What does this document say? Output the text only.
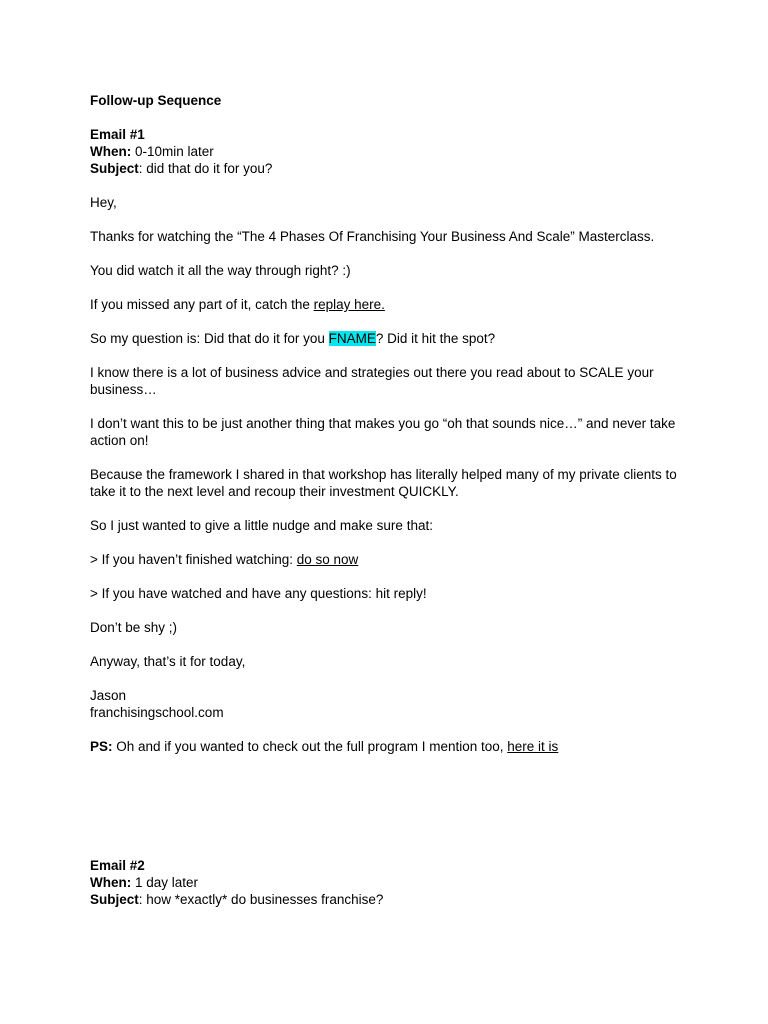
Follow-up Sequence

Email #1
When: 0-10min later
Subject: did that do it for you?

Hey,

Thanks for watching the “The 4 Phases Of Franchising Your Business And Scale” Masterclass.

You did watch it all the way through right? :)

If you missed any part of it, catch the replay here.

So my question is: Did that do it for you FNAME? Did it hit the spot?

I know there is a lot of business advice and strategies out there you read about to SCALE your business…

I don’t want this to be just another thing that makes you go “oh that sounds nice…” and never take action on!

Because the framework I shared in that workshop has literally helped many of my private clients to take it to the next level and recoup their investment QUICKLY.

So I just wanted to give a little nudge and make sure that:

> If you haven’t finished watching: do so now

> If you have watched and have any questions: hit reply!

Don’t be shy ;)

Anyway, that’s it for today,

Jason
franchisingschool.com

PS: Oh and if you wanted to check out the full program I mention too, here it is

Email #2
When: 1 day later
Subject: how *exactly* do businesses franchise?
